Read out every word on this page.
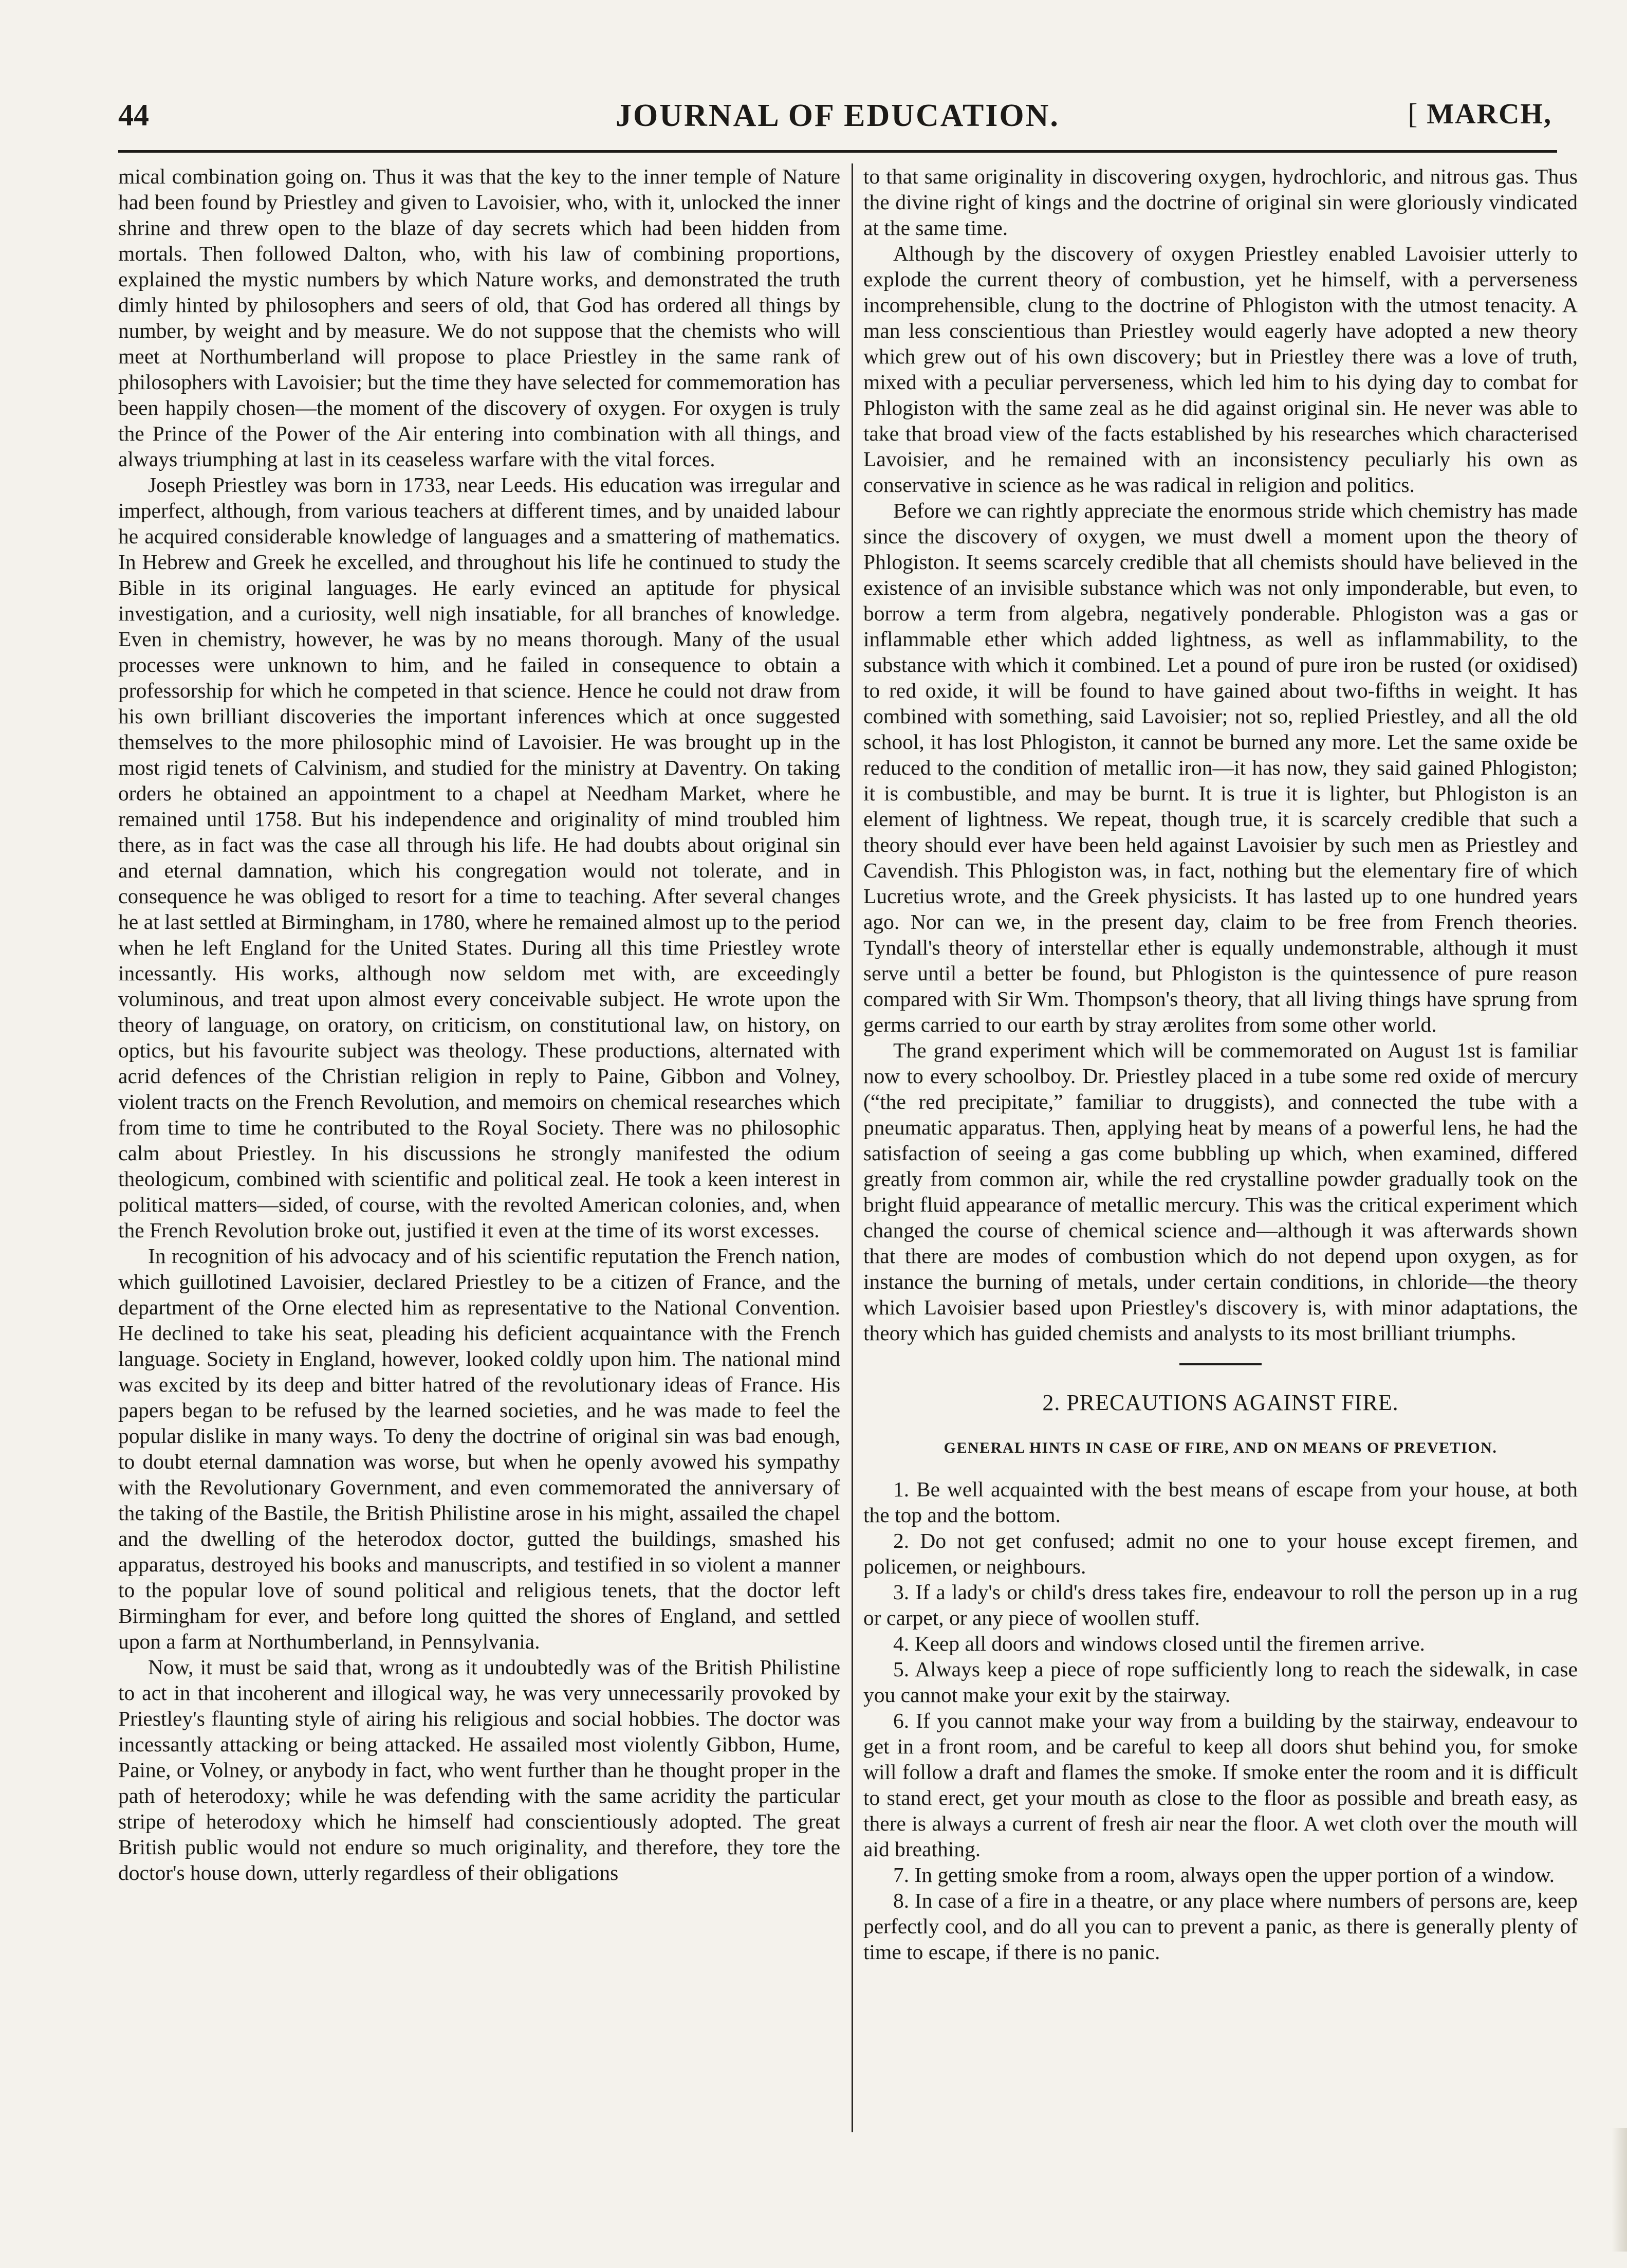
44	JOURNAL OF EDUCATION.
[	MARCH,

mical combination going on. Thus it was that the key to the inner temple of Nature had been found by Priestley and given to Lavoisier, who, with it, unlocked the inner shrine and threw open to the blaze of day secrets which had been hidden from mortals. Then followed Dalton, who, with his law of combining proportions, explained the mystic numbers by which Nature works, and demonstrated the truth dimly hinted by philosophers and seers of old, that God has ordered all things by number, by weight and by measure. We do not suppose that the chemists who will meet at Northumberland will propose to place Priestley in the same rank of philosophers with Lavoisier; but the time they have selected for commemoration has been happily chosen—the moment of the discovery of oxygen. For oxygen is truly the Prince of the Power of the Air entering into combination with all things, and always triumphing at last in its ceaseless warfare with the vital forces.

Joseph Priestley was born in 1733, near Leeds. His education was irregular and imperfect, although, from various teachers at different times, and by unaided labour he acquired considerable knowledge of languages and a smattering of mathematics. In Hebrew and Greek he excelled, and throughout his life he continued to study the Bible in its original languages. He early evinced an aptitude for physical investigation, and a curiosity, well nigh insatiable, for all branches of knowledge. Even in chemistry, however, he was by no means thorough. Many of the usual processes were unknown to him, and he failed in consequence to obtain a professorship for which he competed in that science. Hence he could not draw from his own brilliant discoveries the important inferences which at once suggested themselves to the more philosophic mind of Lavoisier. He was brought up in the most rigid tenets of Calvinism, and studied for the ministry at Daventry. On taking orders he obtained an appointment to a chapel at Needham Market, where he remained until 1758. But his independence and originality of mind troubled him there, as in fact was the case all through his life. He had doubts about original sin and eternal damnation, which his congregation would not tolerate, and in consequence he was obliged to resort for a time to teaching. After several changes he at last settled at Birmingham, in 1780, where he remained almost up to the period when he left England for the United States. During all this time Priestley wrote incessantly. His works, although now seldom met with, are exceedingly voluminous, and treat upon almost every conceivable subject. He wrote upon the theory of language, on oratory, on criticism, on constitutional law, on history, on optics, but his favourite subject was theology. These productions, alternated with acrid defences of the Christian religion in reply to Paine, Gibbon and Volney, violent tracts on the French Revolution, and memoirs on chemical researches which from time to time he contributed to the Royal Society. There was no philosophic calm about Priestley. In his discussions he strongly manifested the odium theologicum, combined with scientific and political zeal. He took a keen interest in political matters—sided, of course, with the revolted American colonies, and, when the French Revolution broke out, justified it even at the time of its worst excesses.

In recognition of his advocacy and of his scientific reputation the French nation, which guillotined Lavoisier, declared Priestley to be a citizen of France, and the department of the Orne elected him as representative to the National Convention. He declined to take his seat, pleading his deficient acquaintance with the French language. Society in England, however, looked coldly upon him. The national mind was excited by its deep and bitter hatred of the revolutionary ideas of France. His papers began to be refused by the learned societies, and he was made to feel the popular dislike in many ways. To deny the doctrine of original sin was bad enough, to doubt eternal damnation was worse, but when he openly avowed his sympathy with the Revolutionary Government, and even commemorated the anniversary of the taking of the Bastile, the British Philistine arose in his might, assailed the chapel and the dwelling of the heterodox doctor, gutted the buildings, smashed his apparatus, destroyed his books and manuscripts, and testified in so violent a manner to the popular love of sound political and religious tenets, that the doctor left Birmingham for ever, and before long quitted the shores of England, and settled upon a farm at Northumberland, in Pennsylvania.

Now, it must be said that, wrong as it undoubtedly was of the British Philistine to act in that incoherent and illogical way, he was very unnecessarily provoked by Priestley's flaunting style of airing his religious and social hobbies. The doctor was incessantly attacking or being attacked. He assailed most violently Gibbon, Hume, Paine, or Volney, or anybody in fact, who went further than he thought proper in the path of heterodoxy; while he was defending with the same acridity the particular stripe of heterodoxy which he himself had conscientiously adopted. The great British public would not endure so much originality, and therefore, they tore the doctor's house down, utterly regardless of their obligations

to that same originality in discovering oxygen, hydrochloric, and nitrous gas. Thus the divine right of kings and the doctrine of original sin were gloriously vindicated at the same time.

Although by the discovery of oxygen Priestley enabled Lavoisier utterly to explode the current theory of combustion, yet he himself, with a perverseness incomprehensible, clung to the doctrine of Phlogiston with the utmost tenacity. A man less conscientious than Priestley would eagerly have adopted a new theory which grew out of his own discovery; but in Priestley there was a love of truth, mixed with a peculiar perverseness, which led him to his dying day to combat for Phlogiston with the same zeal as he did against original sin. He never was able to take that broad view of the facts established by his researches which characterised Lavoisier, and he remained with an inconsistency peculiarly his own as conservative in science as he was radical in religion and politics.

Before we can rightly appreciate the enormous stride which chemistry has made since the discovery of oxygen, we must dwell a moment upon the theory of Phlogiston. It seems scarcely credible that all chemists should have believed in the existence of an invisible substance which was not only imponderable, but even, to borrow a term from algebra, negatively ponderable. Phlogiston was a gas or inflammable ether which added lightness, as well as inflammability, to the substance with which it combined. Let a pound of pure iron be rusted (or oxidised) to red oxide, it will be found to have gained about two-fifths in weight. It has combined with something, said Lavoisier; not so, replied Priestley, and all the old school, it has lost Phlogiston, it cannot be burned any more. Let the same oxide be reduced to the condition of metallic iron—it has now, they said gained Phlogiston; it is combustible, and may be burnt. It is true it is lighter, but Phlogiston is an element of lightness. We repeat, though true, it is scarcely credible that such a theory should ever have been held against Lavoisier by such men as Priestley and Cavendish. This Phlogiston was, in fact, nothing but the elementary fire of which Lucretius wrote, and the Greek physicists. It has lasted up to one hundred years ago. Nor can we, in the present day, claim to be free from French theories. Tyndall's theory of interstellar ether is equally undemonstrable, although it must serve until a better be found, but Phlogiston is the quintessence of pure reason compared with Sir Wm. Thompson's theory, that all living things have sprung from germs carried to our earth by stray ærolites from some other world.

The grand experiment which will be commemorated on August 1st is familiar now to every schoolboy. Dr. Priestley placed in a tube some red oxide of mercury (“the red precipitate,” familiar to druggists), and connected the tube with a pneumatic apparatus. Then, applying heat by means of a powerful lens, he had the satisfaction of seeing a gas come bubbling up which, when examined, differed greatly from common air, while the red crystalline powder gradually took on the bright fluid appearance of metallic mercury. This was the critical experiment which changed the course of chemical science and—although it was afterwards shown that there are modes of combustion which do not depend upon oxygen, as for instance the burning of metals, under certain conditions, in chloride—the theory which Lavoisier based upon Priestley's discovery is, with minor adaptations, the theory which has guided chemists and analysts to its most brilliant triumphs.

2. PRECAUTIONS AGAINST FIRE.
GENERAL HINTS IN CASE OF FIRE, AND ON MEANS OF PREVETION.

1. Be well acquainted with the best means of escape from your house, at both the top and the bottom.

2. Do not get confused; admit no one to your house except firemen, and policemen, or neighbours.

3. If a lady's or child's dress takes fire, endeavour to roll the person up in a rug or carpet, or any piece of woollen stuff.

4. Keep all doors and windows closed until the firemen arrive.

5. Always keep a piece of rope sufficiently long to reach the sidewalk, in case you cannot make your exit by the stairway.

6. If you cannot make your way from a building by the stairway, endeavour to get in a front room, and be careful to keep all doors shut behind you, for smoke will follow a draft and flames the smoke. If smoke enter the room and it is difficult to stand erect, get your mouth as close to the floor as possible and breath easy, as there is always a current of fresh air near the floor. A wet cloth over the mouth will aid breathing.

7. In getting smoke from a room, always open the upper portion of a window.

8. In case of a fire in a theatre, or any place where numbers of persons are, keep perfectly cool, and do all you can to prevent a panic, as there is generally plenty of time to escape, if there is no panic.
